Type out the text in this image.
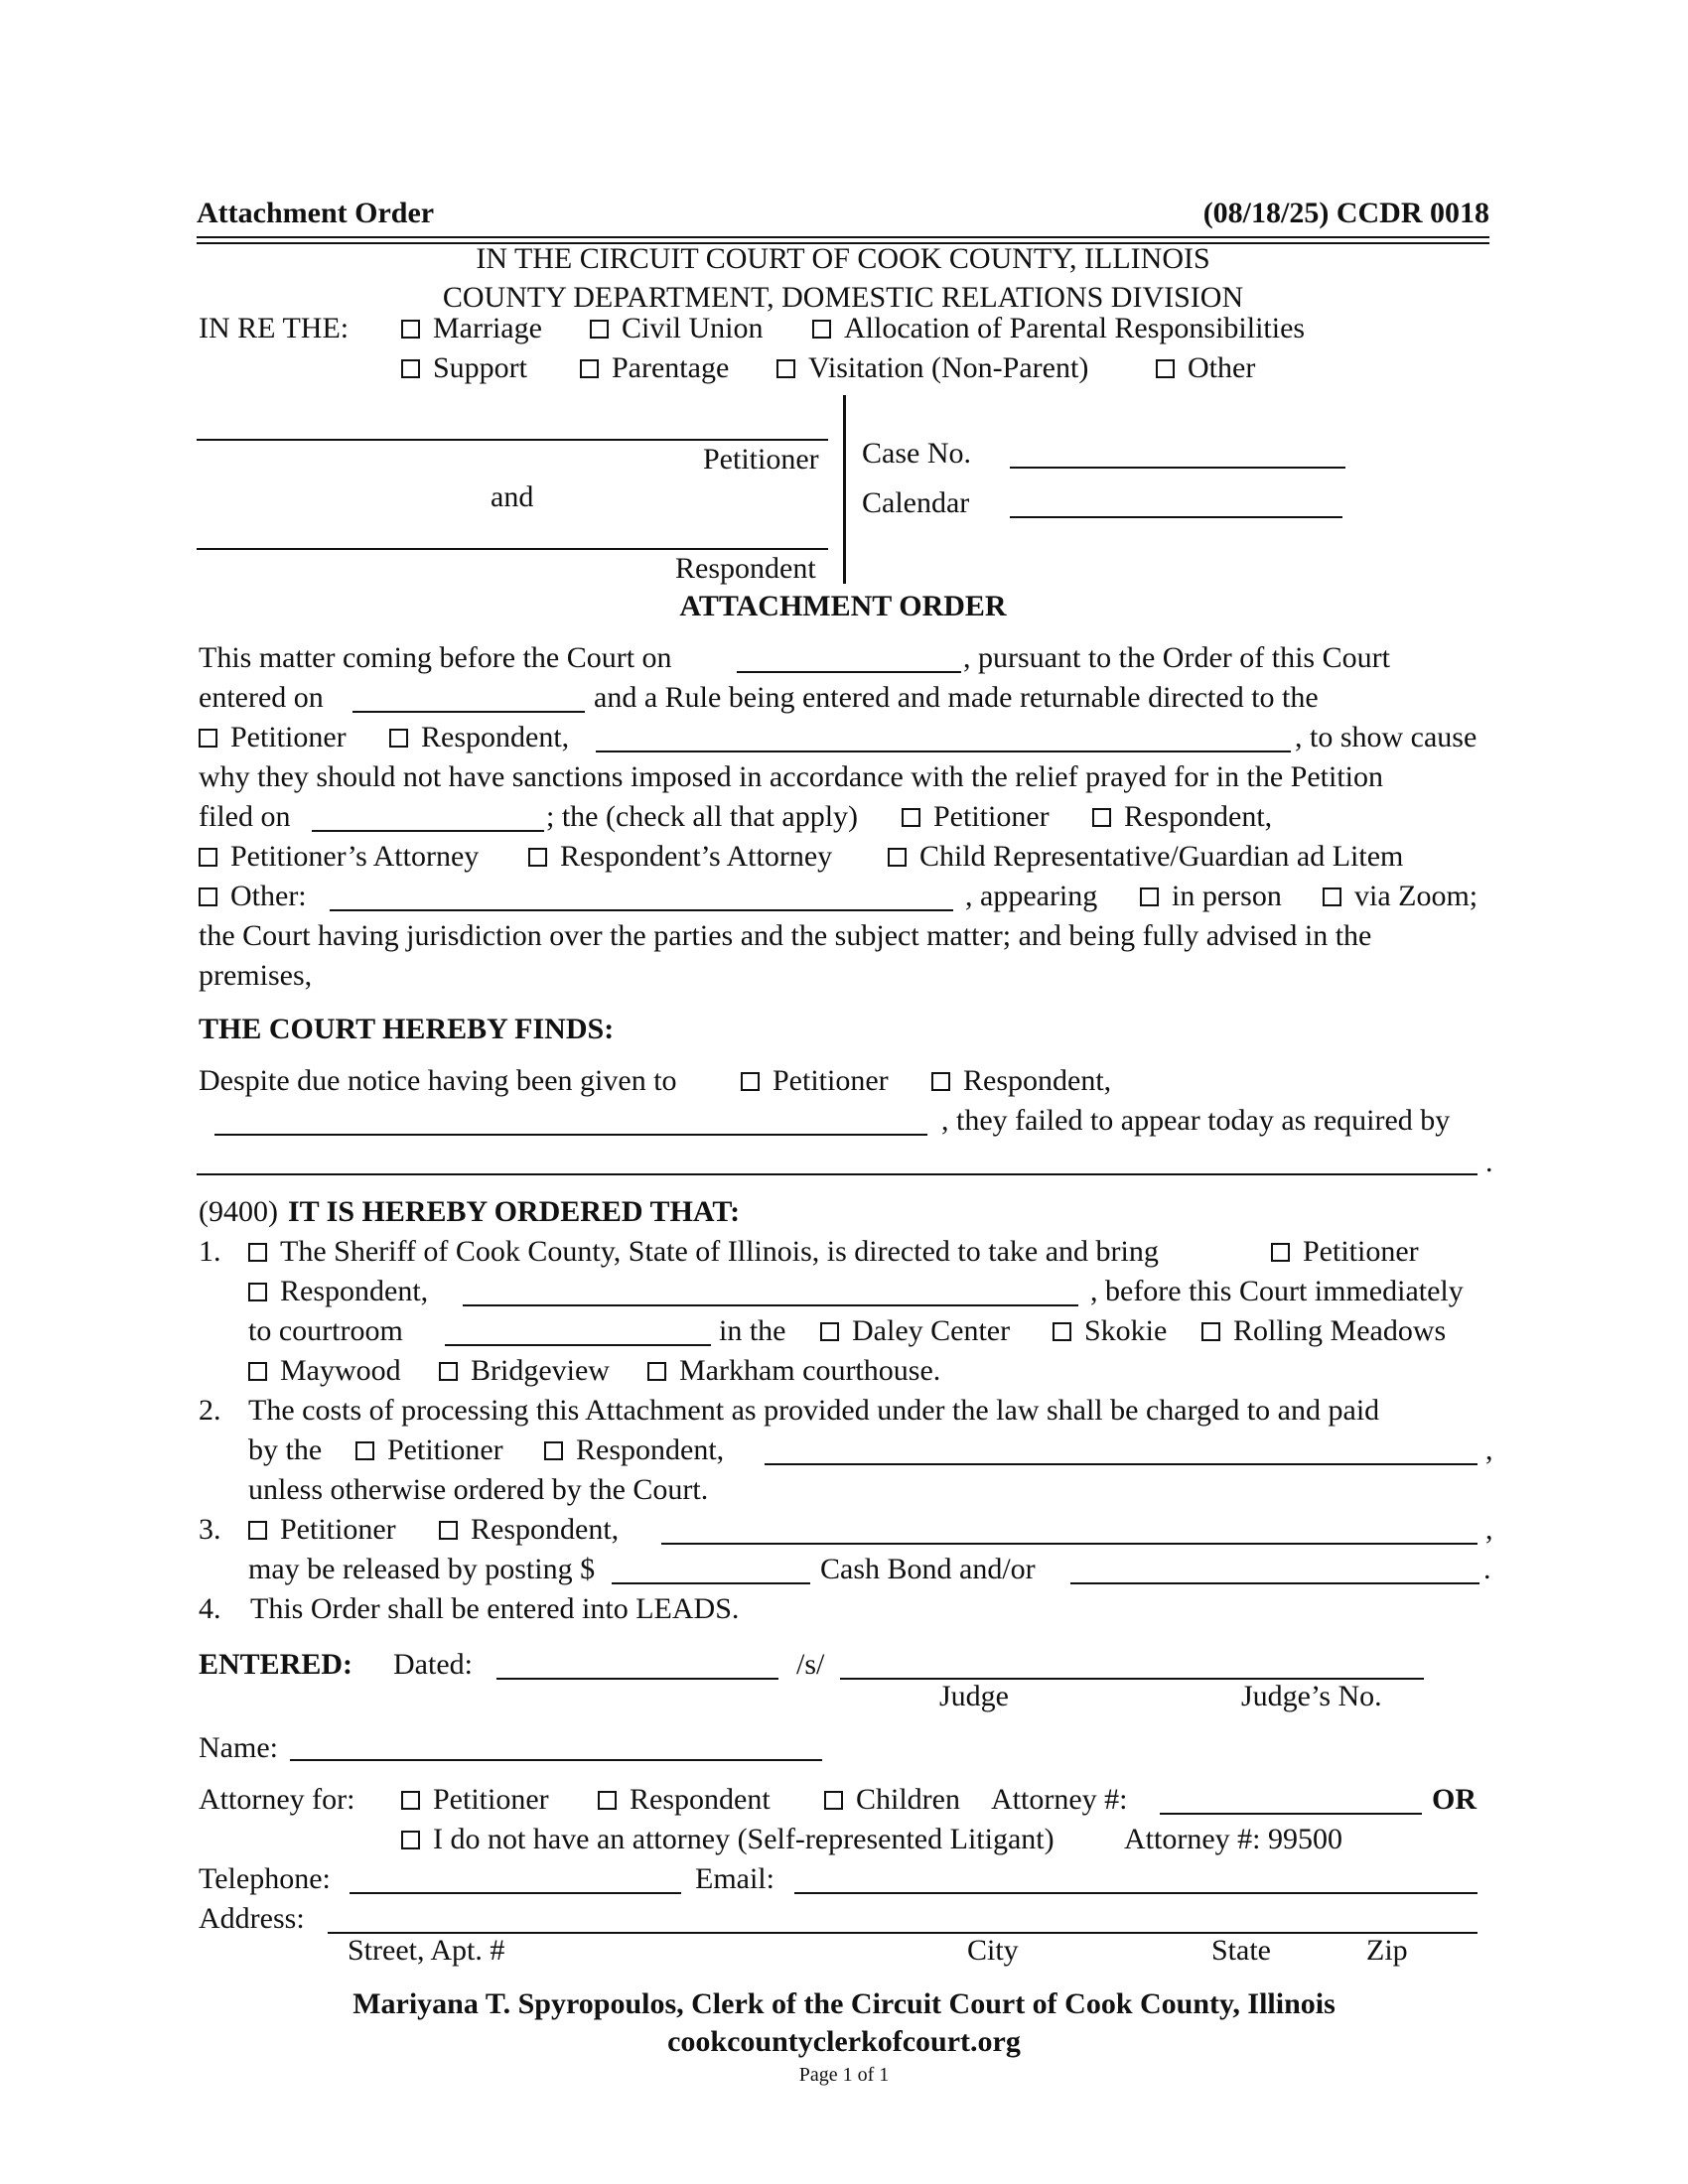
Attachment Order	(08/18/25) CCDR 0018
IN THE CIRCUIT COURT OF COOK COUNTY, ILLINOIS
COUNTY DEPARTMENT, DOMESTIC RELATIONS DIVISION
IN RE THE:	Marriage	Civil Union	Allocation of Parental Responsibilities
Support	Parentage	Visitation (Non-Parent)	Other
Petitioner
and
Respondent
Case No.
Calendar
ATTACHMENT ORDER
This matter coming before the Court on	, pursuant to the Order of this Court
entered on	and a Rule being entered and made returnable directed to the
Petitioner	Respondent,	, to show cause
why they should not have sanctions imposed in accordance with the relief prayed for in the Petition
filed on	; the (check all that apply)	Petitioner	Respondent,
Petitioner’s Attorney	Respondent’s Attorney	Child Representative/Guardian ad Litem
Other:	, appearing	in person	via Zoom;
the Court having jurisdiction over the parties and the subject matter; and being fully advised in the
premises,
THE COURT HEREBY FINDS:
Despite due notice having been given to	Petitioner	Respondent,
, they failed to appear today as required by
.
(9400) IT IS HEREBY ORDERED THAT:
1.	The Sheriff of Cook County, State of Illinois, is directed to take and bring	Petitioner
Respondent,	, before this Court immediately
to courtroom	in the	Daley Center	Skokie	Rolling Meadows
Maywood	Bridgeview	Markham courthouse.
2. The costs of processing this Attachment as provided under the law shall be charged to and paid
by the	Petitioner	Respondent,	,
unless otherwise ordered by the Court.
3.	Petitioner	Respondent,	,
may be released by posting $	Cash Bond and/or	.
4. This Order shall be entered into LEADS.
ENTERED: Dated:	/s/
Judge	Judge’s No.
Name:
Attorney for:	Petitioner	Respondent	Children Attorney #:	OR
I do not have an attorney (Self-represented Litigant) Attorney #: 99500
Telephone:	Email:
Address:
Street, Apt. #	City	State	Zip
Mariyana T. Spyropoulos, Clerk of the Circuit Court of Cook County, Illinois
cookcountyclerkofcourt.org
Page 1 of 1
